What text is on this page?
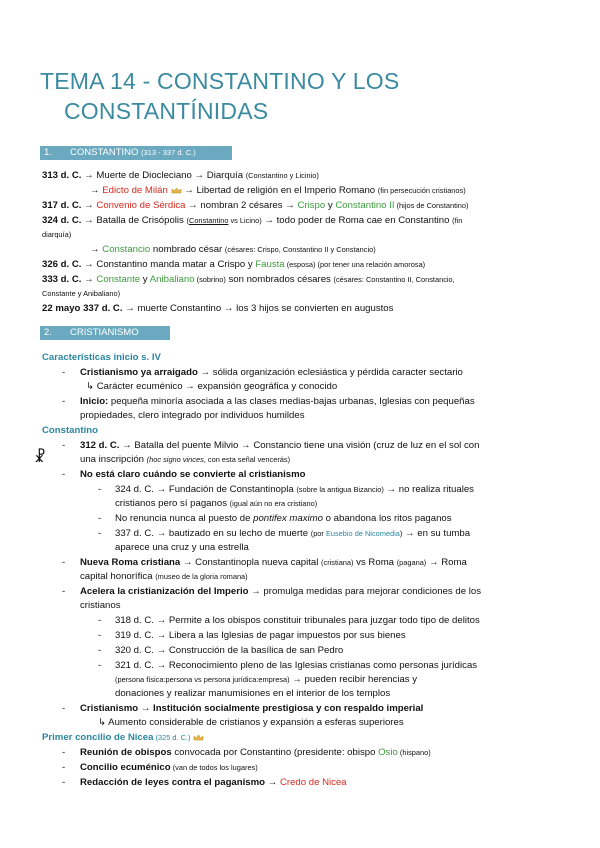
TEMA 14 - CONSTANTINO Y LOS
CONSTANTÍNIDAS
1. CONSTANTINO (313 - 337 d. C.)
313 d. C. → Muerte de Diocleciano → Diarquía (Constantino y Licinio)
→ Edicto de Milán  → Libertad de religión en el Imperio Romano (fin persecución cristianos)
317 d. C. → Convenio de Sérdica → nombran 2 césares → Crispo y Constantino II (hijos de Constantino)
324 d. C. → Batalla de Crisópolis (Constantino vs Licino) → todo poder de Roma cae en Constantino (fin
diarquía)
→ Constancio nombrado césar (césares: Crispo, Constantino II y Constancio)
326 d. C. → Constantino manda matar a Crispo y Fausta (esposa) (por tener una relación amorosa)
333 d. C. → Constante y Anibaliano (sobrino) son nombrados césares (césares: Constantino II, Constancio,
Constante y Anibaliano)
22 mayo 337 d. C. → muerte Constantino → los 3 hijos se convierten en augustos
2. CRISTIANISMO
Características inicio s. IV
- Cristianismo ya arraigado → sólida organización eclesiástica y pérdida caracter sectario
↳ Carácter ecuménico → expansión geográfica y conocido
- Inicio: pequeña minoría asociada a las clases medias-bajas urbanas, Iglesias con pequeñas
propiedades, clero integrado por individuos humildes
Constantino
☧
- 312 d. C. → Batalla del puente Milvio → Constancio tiene una visión (cruz de luz en el sol con
una inscripción (hoc signo vinces, con esta señal vencerás)
- No está claro cuándo se convierte al cristianismo
- 324 d. C. → Fundación de Constantinopla (sobre la antigua Bizancio) → no realiza rituales
cristianos pero sí paganos (igual aún no era cristiano)
- No renuncia nunca al puesto de pontifex maximo o abandona los ritos paganos
- 337 d. C. → bautizado en su lecho de muerte (por Eusebio de Nicomedia) → en su tumba
aparece una cruz y una estrella
- Nueva Roma cristiana → Constantinopla nueva capital (cristiana) vs Roma (pagana) → Roma
capital honorífica (museo de la gloria romana)
- Acelera la cristianización del Imperio → promulga medidas para mejorar condiciones de los
cristianos
- 318 d. C. → Permite a los obispos constituir tribunales para juzgar todo tipo de delitos
- 319 d. C. → Libera a las Iglesias de pagar impuestos por sus bienes
- 320 d. C. → Construcción de la basílica de san Pedro
- 321 d. C. → Reconocimiento pleno de las Iglesias cristianas como personas jurídicas
(persona física:persona vs persona jurídica:empresa) → pueden recibir herencias y
donaciones y realizar manumisiones en el interior de los templos
- Cristianismo → Institución socialmente prestigiosa y con respaldo imperial
↳ Aumento considerable de cristianos y expansión a esferas superiores
Primer concilio de Nicea (325 d. C.)
- Reunión de obispos convocada por Constantino (presidente: obispo Osio (hispano)
- Concilio ecuménico (van de todos los lugares)
- Redacción de leyes contra el paganismo → Credo de Nicea
